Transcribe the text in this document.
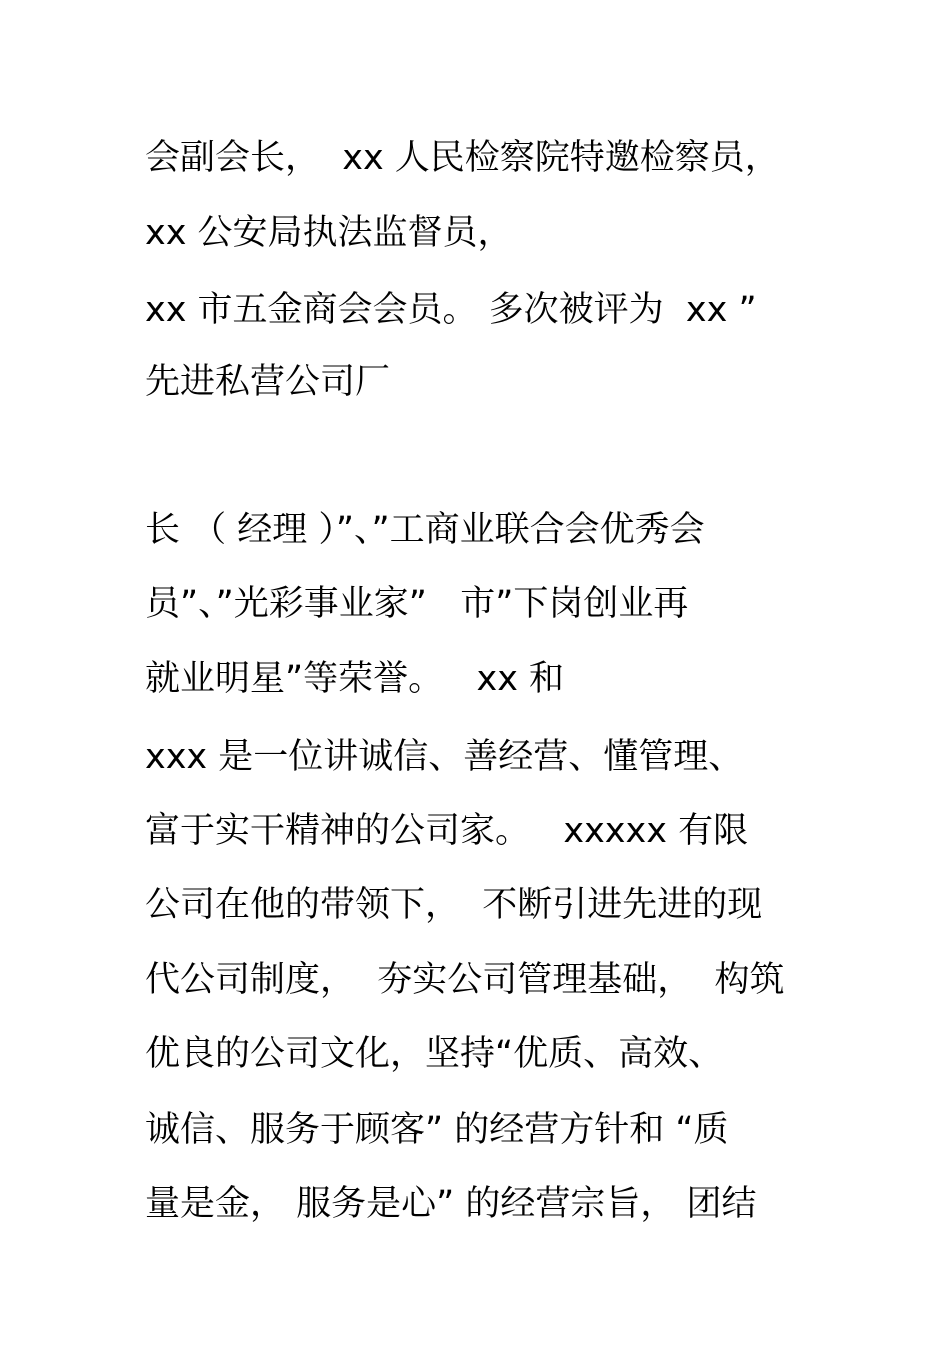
会副会长，  xx 人民检察院特邀检察员，
xx 公安局执法监督员，
xx 市五金商会会员。 多次被评为  xx ”
先进私营公司厂
长 （ 经理 ）”、”工商业联合会优秀会
员”、”光彩事业家”   市”下岗创业再
就业明星”等荣誉。   xx 和
xxx 是一位讲诚信、善经营、懂管理、
富于实干精神的公司家。   xxxxx 有限
公司在他的带领下，  不断引进先进的现
代公司制度，  夯实公司管理基础，  构筑
优良的公司文化，坚持“优质、高效、
诚信、服务于顾客” 的经营方针和 “质
量是金， 服务是心” 的经营宗旨， 团结
